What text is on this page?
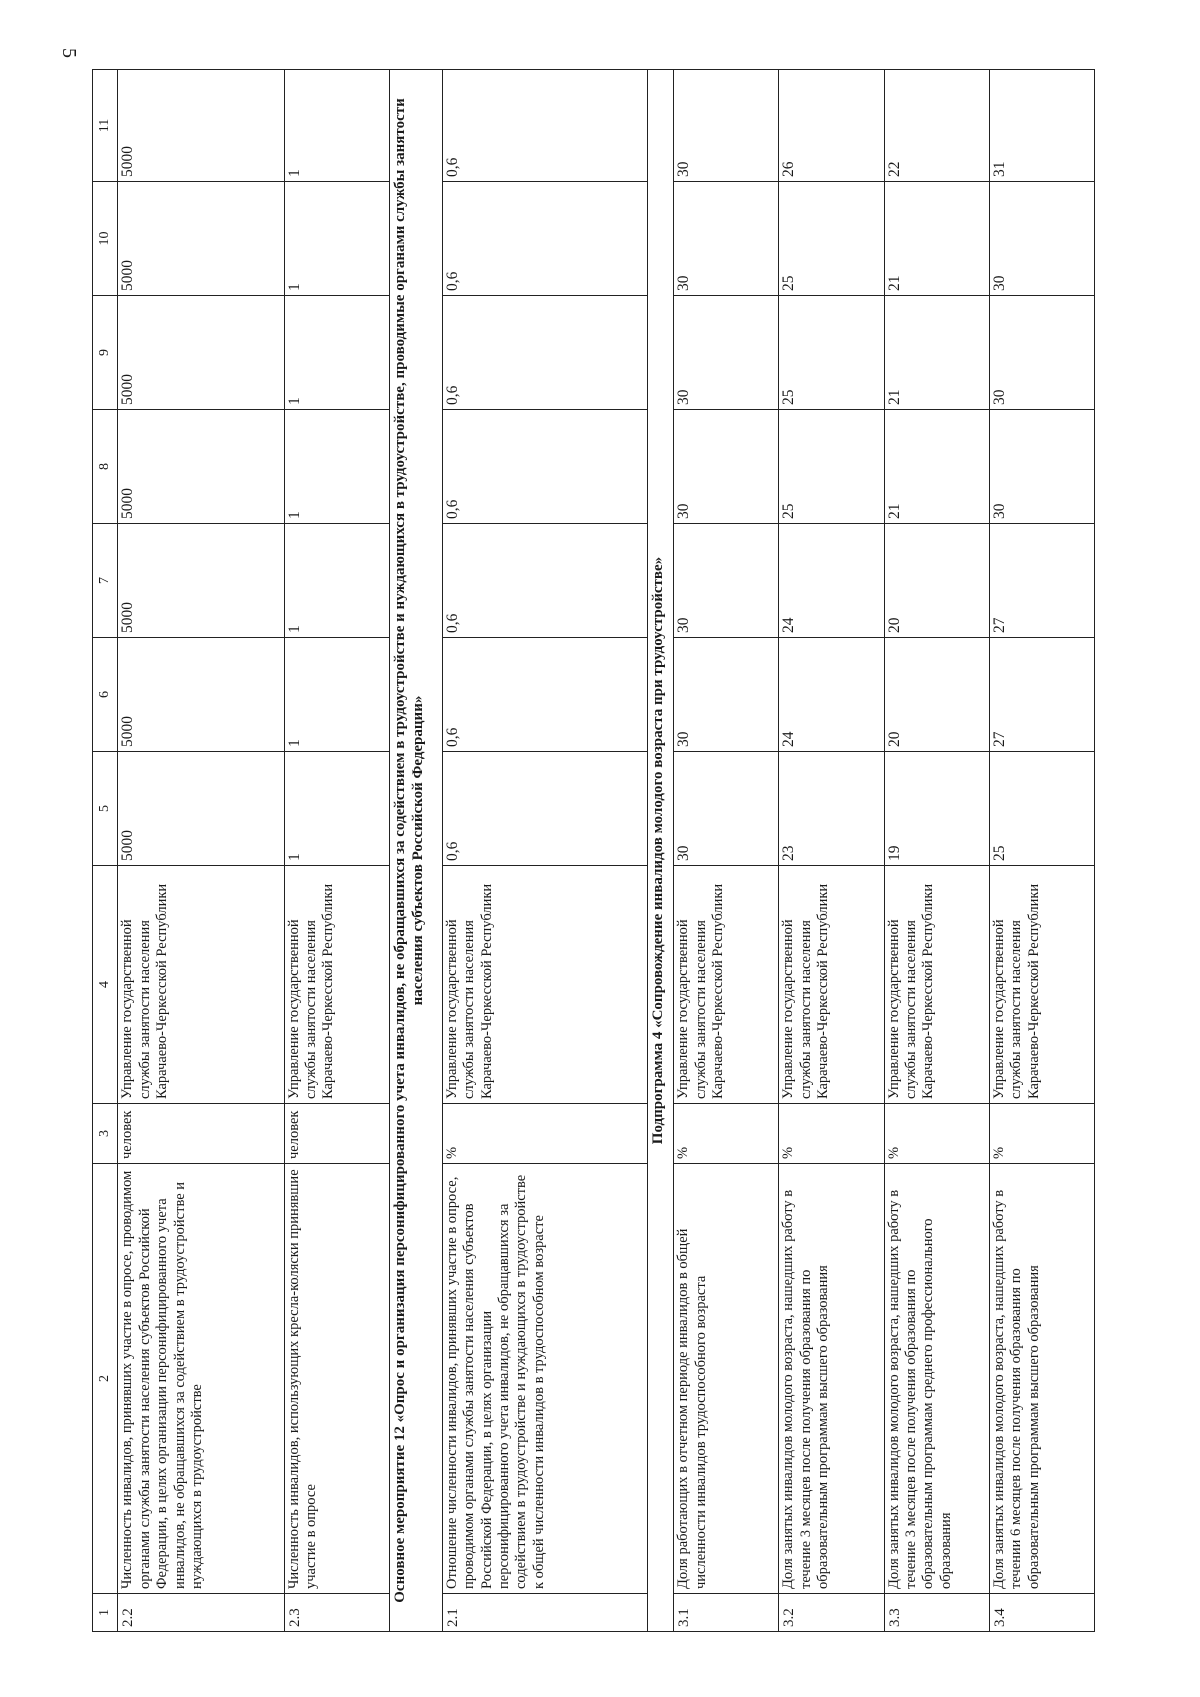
5
1	2	3	4	5	6	7	8	9	10	11
2.2	Численность инвалидов, принявших участие в опросе, проводимом органами службы занятости населения субъектов Российской Федерации, в целях организации персонифицированного учета инвалидов, не обращавшихся за содействием в трудоустройстве и нуждающихся в трудоустройстве	человек	Управление государственной службы занятости населения Карачаево-Черкесской Республики	5000	5000	5000	5000	5000	5000	5000
2.3	Численность инвалидов, использующих кресла-коляски принявшие участие в опросе	человек	Управление государственной службы занятости населения Карачаево-Черкесской Республики	1	1	1	1	1	1	1
Основное мероприятие 12 «Опрос и организация персонифицированного учета инвалидов, не обращавшихся за содействием в трудоустройстве и нуждающихся в трудоустройстве, проводимые органами службы занятости населения субъектов Российской Федерации»										
2.1	Отношение численности инвалидов, принявших участие в опросе, проводимом органами службы занятости населения субъектов Российской Федерации, в целях организации персонифицированного учета инвалидов, не обращавшихся за содействием в трудоустройстве и нуждающихся в трудоустройстве к общей численности инвалидов в трудоспособном возрасте	%	Управление государственной службы занятости населения Карачаево-Черкесской Республики	0,6	0,6	0,6	0,6	0,6	0,6	0,6
Подпрограмма 4 «Сопровождение инвалидов молодого возраста при трудоустройстве»										
3.1	Доля работающих в отчетном периоде инвалидов в общей численности инвалидов трудоспособного возраста	%	Управление государственной службы занятости населения Карачаево-Черкесской Республики	30	30	30	30	30	30	30
3.2	Доля занятых инвалидов молодого возраста, нашедших работу в течение 3 месяцев после получения образования по образовательным программам высшего образования	%	Управление государственной службы занятости населения Карачаево-Черкесской Республики	23	24	24	25	25	25	26
3.3	Доля занятых инвалидов молодого возраста, нашедших работу в течение 3 месяцев после получения образования по образовательным программам среднего профессионального образования	%	Управление государственной службы занятости населения Карачаево-Черкесской Республики	19	20	20	21	21	21	22
3.4	Доля занятых инвалидов молодого возраста, нашедших работу в течении 6 месяцев после получения образования по образовательным программам высшего образования	%	Управление государственной службы занятости населения Карачаево-Черкесской Республики	25	27	27	30	30	30	31
